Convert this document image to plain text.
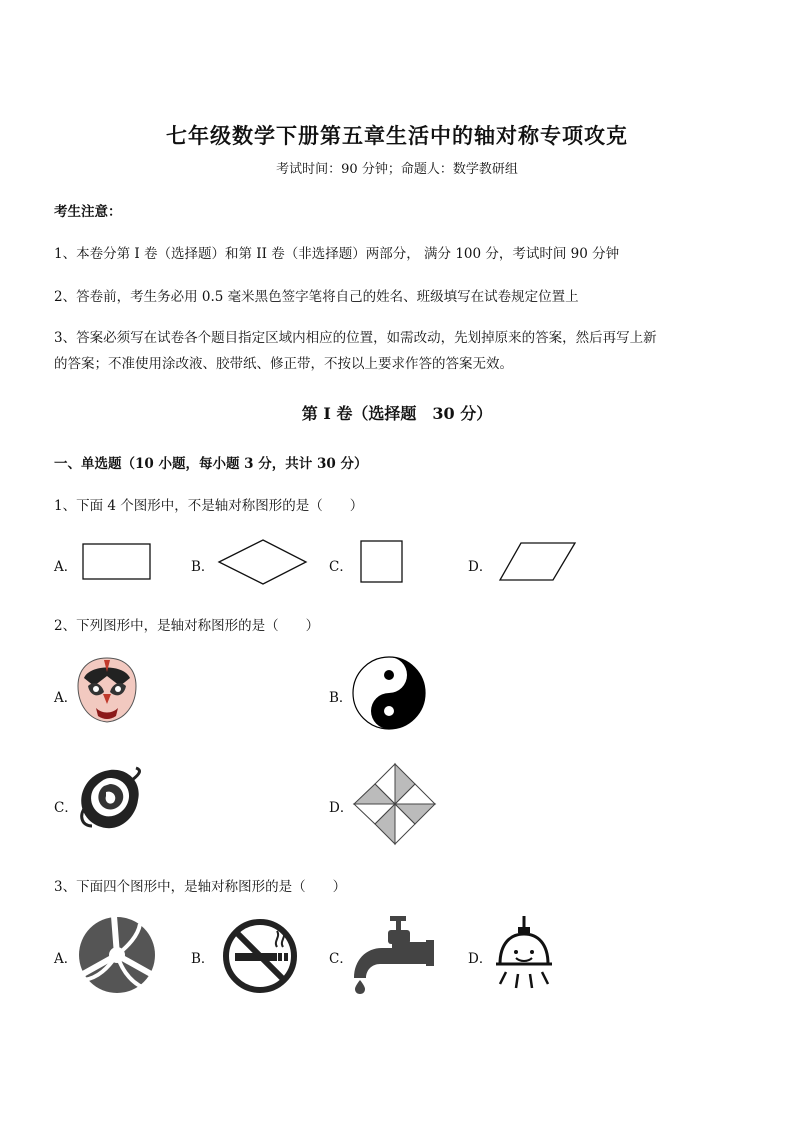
七年级数学下册第五章生活中的轴对称专项攻克
考试时间：90 分钟；命题人：数学教研组
考生注意：
1、本卷分第 I 卷（选择题）和第 II 卷（非选择题）两部分， 满分 100 分，考试时间 90 分钟
2、答卷前，考生务必用 0.5 毫米黑色签字笔将自己的姓名、班级填写在试卷规定位置上
3、答案必须写在试卷各个题目指定区域内相应的位置，如需改动，先划掉原来的答案，然后再写上新
的答案；不准使用涂改液、胶带纸、修正带，不按以上要求作答的答案无效。
第 I 卷（选择题　30 分）
一、单选题（10 小题，每小题 3 分，共计 30 分）
1、下面 4 个图形中，不是轴对称图形的是（　　）
A．	B．	C．	D．
2、下列图形中，是轴对称图形的是（　　）
A．	B．
C．	D．
3、下面四个图形中，是轴对称图形的是（　　）
A．	B．	C．	D．
